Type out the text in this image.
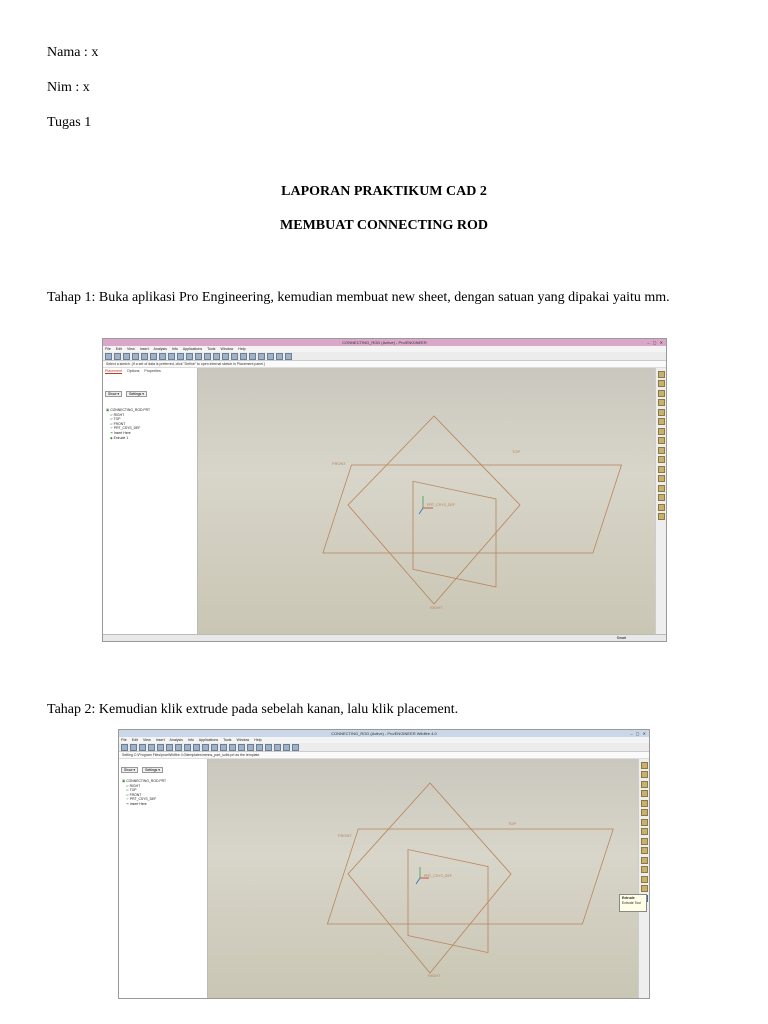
Nama : x
Nim : x
Tugas 1
LAPORAN PRAKTIKUM CAD 2
MEMBUAT CONNECTING ROD
Tahap 1: Buka aplikasi Pro Engineering, kemudian membuat new sheet, dengan satuan yang dipakai yaitu mm.
CONNECTING_ROD (Active) - Pro/ENGINEER	– ▢ ✕
File Edit View Insert Analysis Info Applications Tools Window Help
Select a sketch. (If a set of data is preferred, click "Define" to open internal sketch in Placement panel.)
Placement Options Properties
Show ▾	Settings ▾
▣CONNECTING_ROD.PRT
▱RIGHT
▱TOP
▱FRONT
⊹PRT_CSYS_DEF
➜Insert Here
◆Extrude 1
FRONT
TOP
RIGHT
PRT_CSYS_DEF
Smart
Tahap 2: Kemudian klik extrude pada sebelah kanan, lalu klik placement.
CONNECTING_ROD (Active) - Pro/ENGINEER Wildfire 4.0	– ▢ ✕
File Edit View Insert Analysis Info Applications Tools Window Help
Setting C:\Program Files\proeWildfire 4.0\templates\mmns_part_solid.prt as the template.
Show ▾	Settings ▾
▣CONNECTING_ROD.PRT
▱RIGHT
▱TOP
▱FRONT
⊹PRT_CSYS_DEF
➜Insert Here
FRONT
TOP
RIGHT
PRT_CSYS_DEF
Extrude
Extrude Tool
